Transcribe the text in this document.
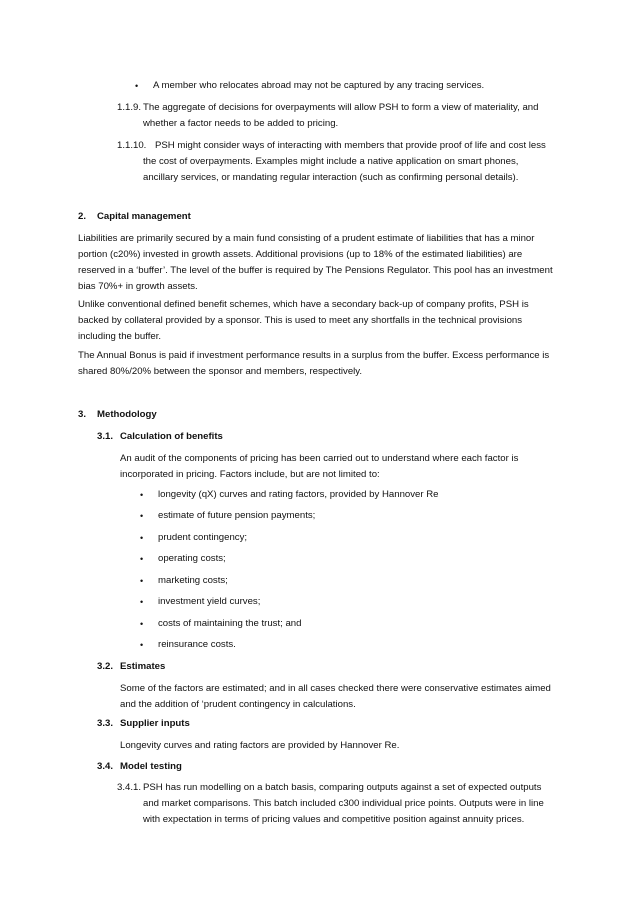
• A member who relocates abroad may not be captured by any tracing services.

1.1.9. The aggregate of decisions for overpayments will allow PSH to form a view of materiality, and

whether a factor needs to be added to pricing.

1.1.10. PSH might consider ways of interacting with members that provide proof of life and cost less

the cost of overpayments. Examples might include a native application on smart phones,

ancillary services, or mandating regular interaction (such as confirming personal details).

2. Capital management

Liabilities are primarily secured by a main fund consisting of a prudent estimate of liabilities that has a minor

portion (c20%) invested in growth assets. Additional provisions (up to 18% of the estimated liabilities) are

reserved in a ‘buffer’. The level of the buffer is required by The Pensions Regulator. This pool has an investment

bias 70%+ in growth assets.

Unlike conventional defined benefit schemes, which have a secondary back-up of company profits, PSH is

backed by collateral provided by a sponsor. This is used to meet any shortfalls in the technical provisions

including the buffer.

The Annual Bonus is paid if investment performance results in a surplus from the buffer. Excess performance is

shared 80%/20% between the sponsor and members, respectively.

3. Methodology

3.1. Calculation of benefits

An audit of the components of pricing has been carried out to understand where each factor is

incorporated in pricing. Factors include, but are not limited to:

• longevity (qX) curves and rating factors, provided by Hannover Re

• estimate of future pension payments;

• prudent contingency;

• operating costs;

• marketing costs;

• investment yield curves;

• costs of maintaining the trust; and

• reinsurance costs.

3.2. Estimates

Some of the factors are estimated; and in all cases checked there were conservative estimates aimed

and the addition of ‘prudent contingency in calculations.

3.3. Supplier inputs

Longevity curves and rating factors are provided by Hannover Re.

3.4. Model testing

3.4.1. PSH has run modelling on a batch basis, comparing outputs against a set of expected outputs

and market comparisons. This batch included c300 individual price points. Outputs were in line

with expectation in terms of pricing values and competitive position against annuity prices.
